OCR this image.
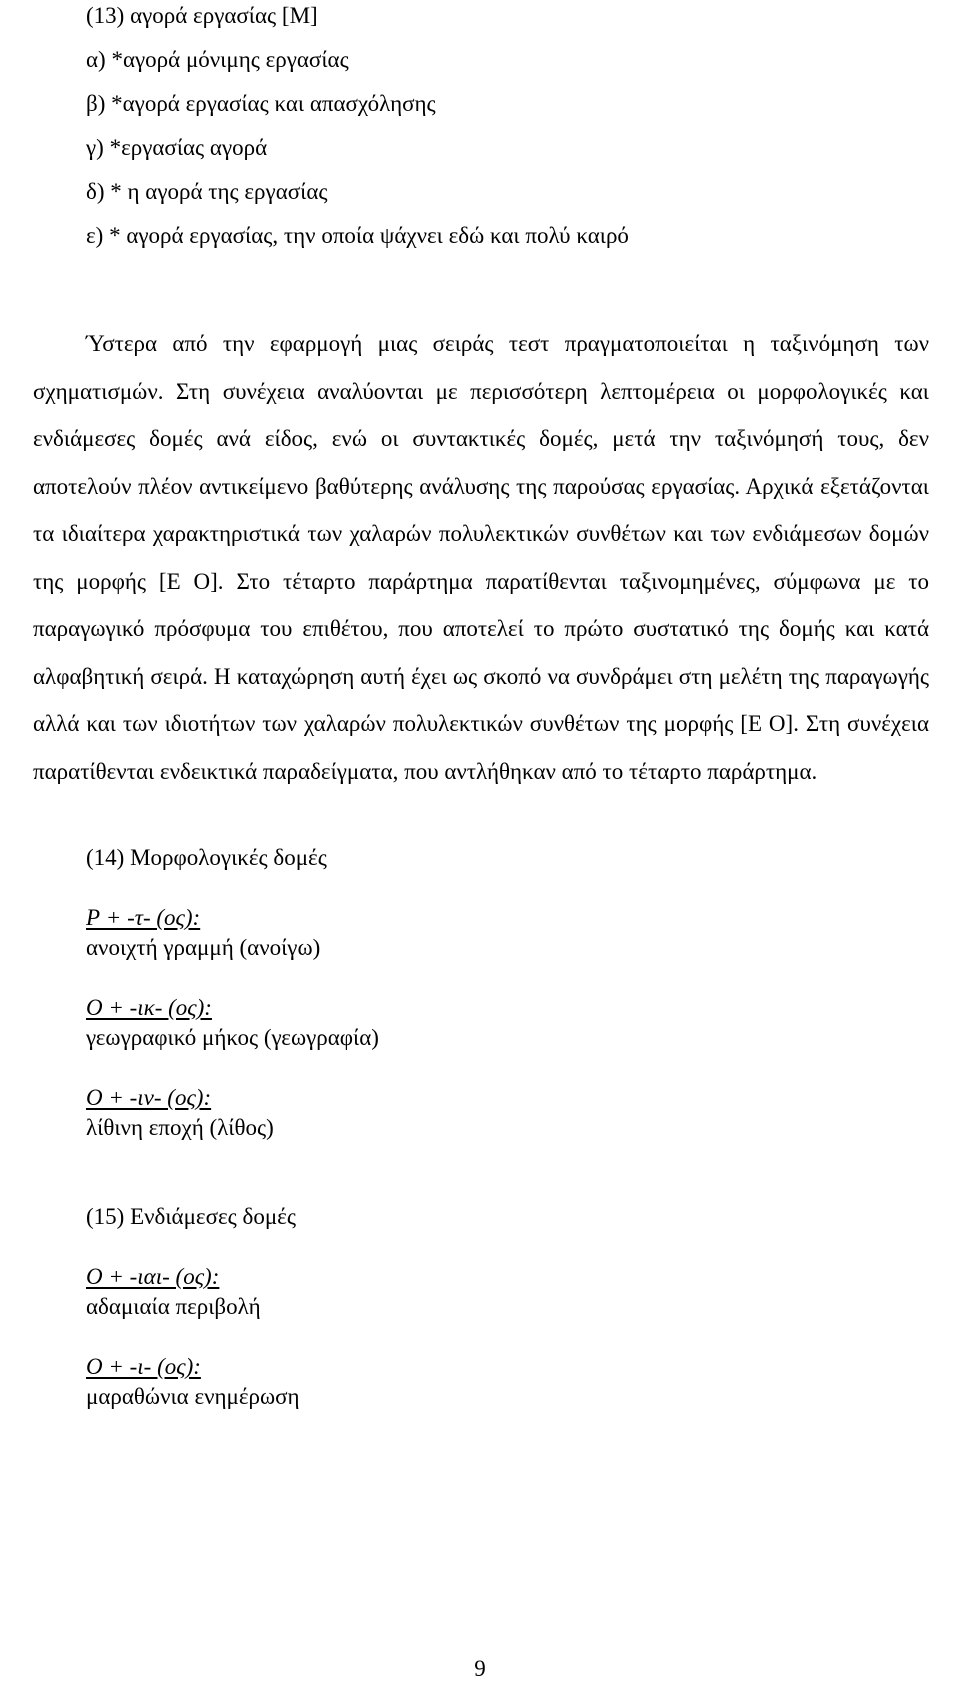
(13) αγορά εργασίας [Μ]
α) *αγορά μόνιμης εργασίας
β) *αγορά εργασίας και απασχόλησης
γ) *εργασίας αγορά
δ) * η αγορά της εργασίας
ε) * αγορά εργασίας, την οποία ψάχνει εδώ και πολύ καιρό

Ύστερα από την εφαρμογή μιας σειράς τεστ πραγματοποιείται η ταξινόμηση των σχηματισμών. Στη συνέχεια αναλύονται με περισσότερη λεπτομέρεια οι μορφολογικές και ενδιάμεσες δομές ανά είδος, ενώ οι συντακτικές δομές, μετά την ταξινόμησή τους, δεν αποτελούν πλέον αντικείμενο βαθύτερης ανάλυσης της παρούσας εργασίας. Αρχικά εξετάζονται τα ιδιαίτερα χαρακτηριστικά των χαλαρών πολυλεκτικών συνθέτων και των ενδιάμεσων δομών της μορφής [Ε Ο]. Στο τέταρτο παράρτημα παρατίθενται ταξινομημένες, σύμφωνα με το παραγωγικό πρόσφυμα του επιθέτου, που αποτελεί το πρώτο συστατικό της δομής και κατά αλφαβητική σειρά. Η καταχώρηση αυτή έχει ως σκοπό να συνδράμει στη μελέτη της παραγωγής αλλά και των ιδιοτήτων των χαλαρών πολυλεκτικών συνθέτων της μορφής [Ε Ο]. Στη συνέχεια παρατίθενται ενδεικτικά παραδείγματα, που αντλήθηκαν από το τέταρτο παράρτημα.

(14) Μορφολογικές δομές
Ρ + -τ- (ος):
ανοιχτή γραμμή (ανοίγω)
Ο + -ικ- (ος):
γεωγραφικό μήκος (γεωγραφία)
Ο + -ιν- (ος):
λίθινη εποχή (λίθος)
(15) Ενδιάμεσες δομές
Ο + -ιαι- (ος):
αδαμιαία περιβολή
Ο + -ι- (ος):
μαραθώνια ενημέρωση
9
